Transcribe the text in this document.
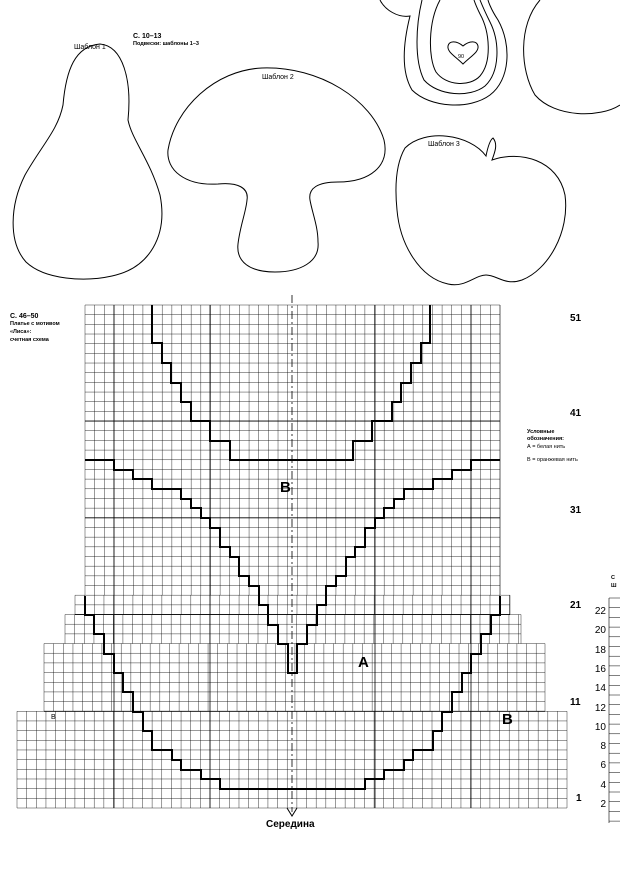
С. 10–13
Подвески: шаблоны 1–3
Шаблон 1
Шаблон 2
Шаблон 3
90
С. 46–50
Платье с мотивом
«Лиса»:
счетная схема
Условные
обозначения:
А = белая нить
В = оранжевая нить
B
A
B	B
51
41
31
21
11
1
Середина
С
Ш
22
20
18
16
14
12
10
8
6
4
2
